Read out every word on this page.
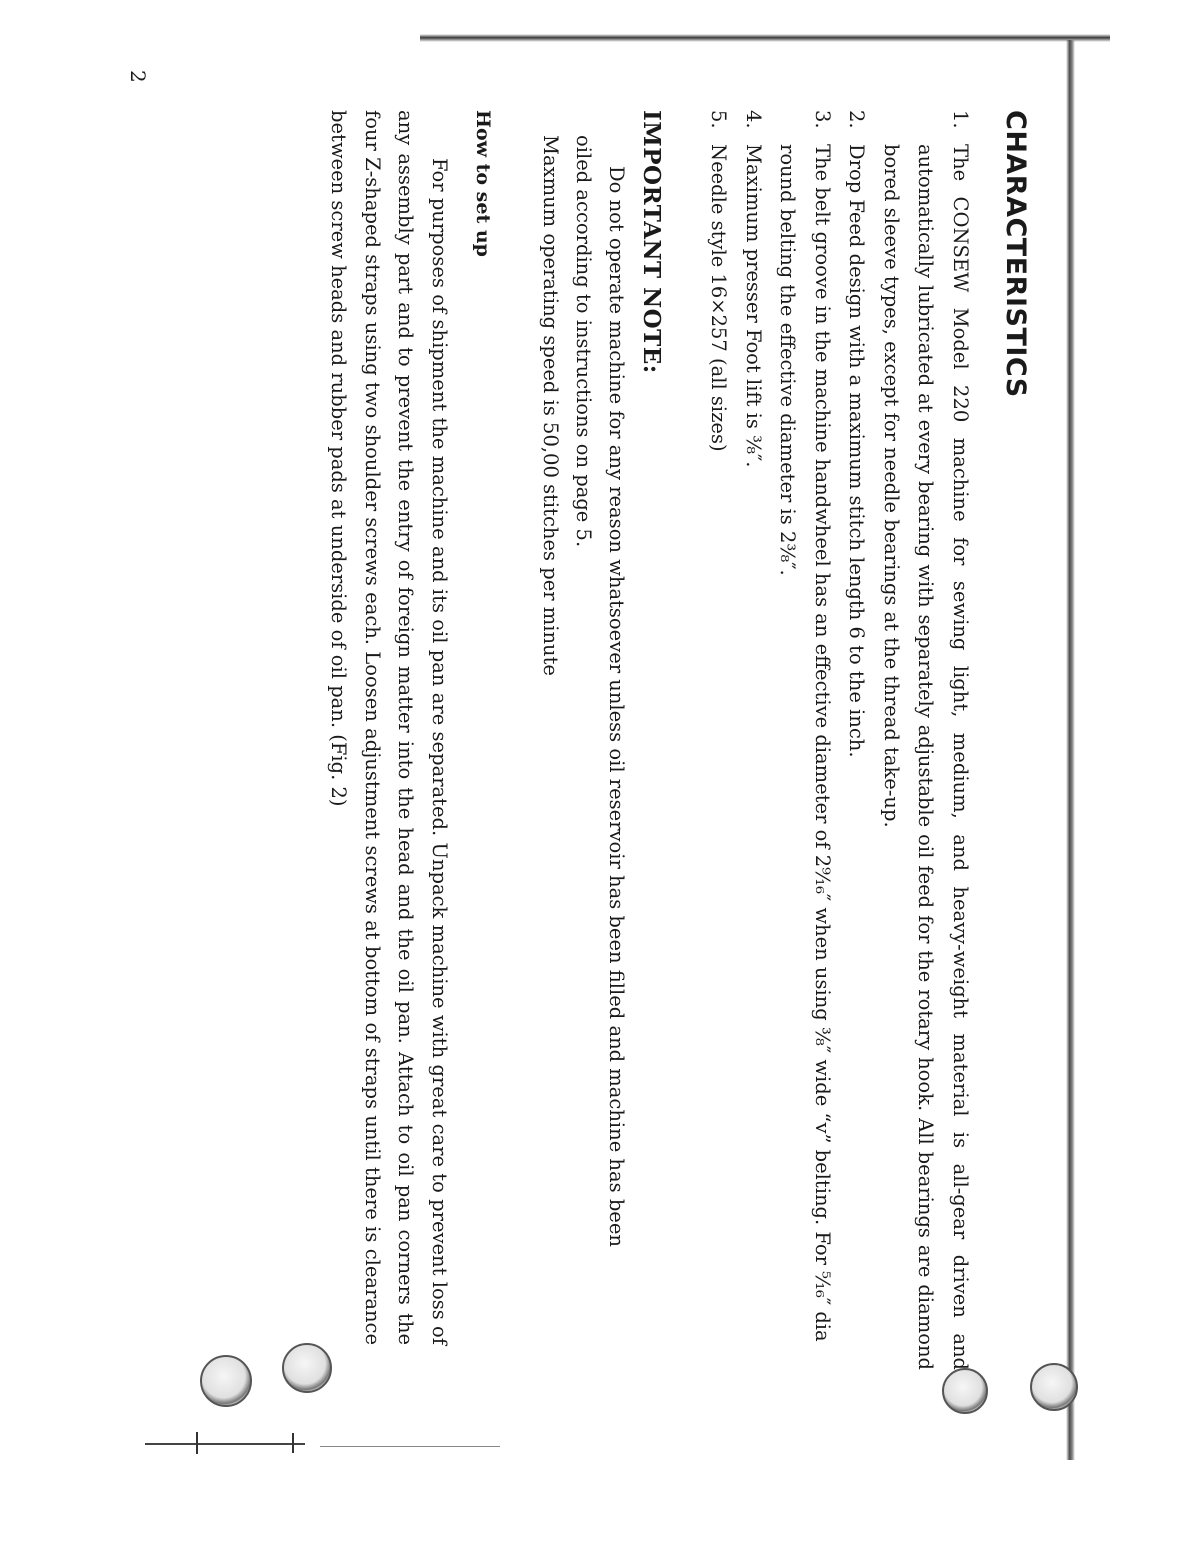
2
CHARACTERISTICS
1.
The CONSEW Model 220 machine for sewing light, medium, and heavy-weight material is all-gear driven and automatically lubricated at every bearing with separately adjustable oil feed for the rotary hook. All bearings are diamond bored sleeve types, except for needle bearings at the thread take-up.
2.
Drop Feed design with a maximum stitch length 6 to the inch.
3.
The belt groove in the machine handwheel has an effective diameter of 2⁹⁄₁₆″ when using ³⁄₈″ wide “v” belting. For ⁵⁄₁₆″ dia round belting the effective diameter is 2³⁄₈″.
4.
Maximum presser Foot lift is ³⁄₈″.
5.
Needle style 16×257 (all sizes)
IMPORTANT NOTE:

Do not operate machine for any reason whatsoever unless oil reservoir has been filled and machine has been

oiled according to instructions on page 5.

Maxmum operating speed is 50,00 stitches per minute

How to set up

For purposes of shipment the machine and its oil pan are separated. Unpack machine with great care to prevent loss of any assembly part and to prevent the entry of foreign matter into the head and the oil pan. Attach to oil pan corners the four Z-shaped straps using two shoulder screws each. Loosen adjustment screws at bottom of straps until there is clearance between screw heads and rubber pads at underside of oil pan. (Fig. 2)
